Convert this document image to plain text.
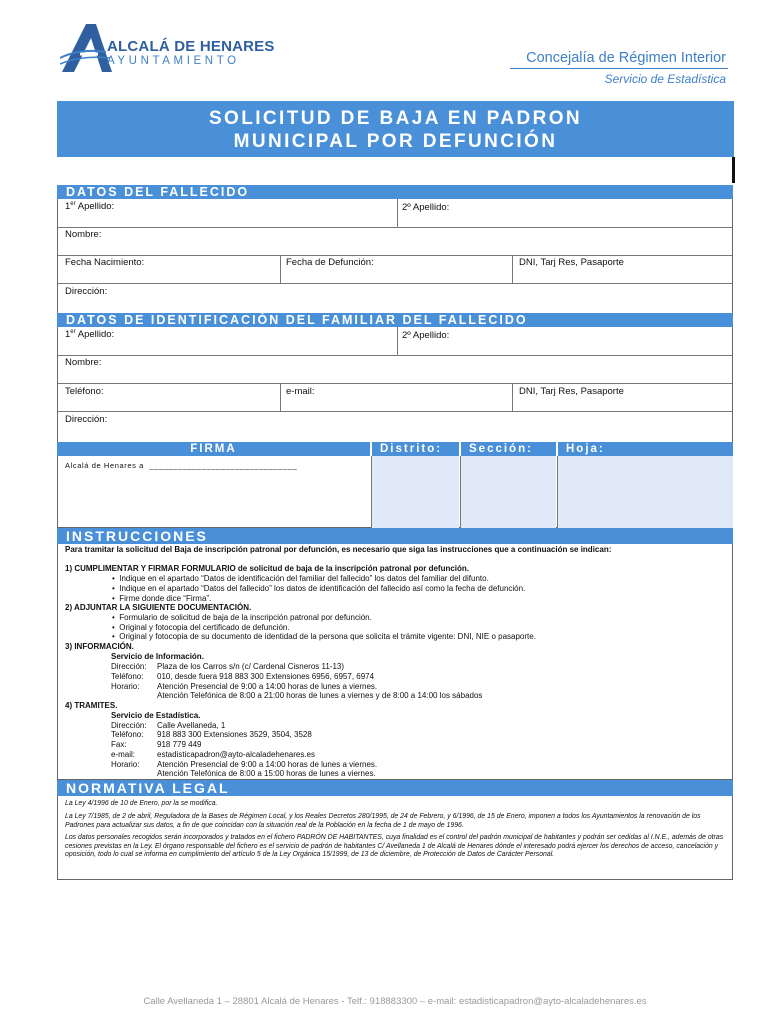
ALCALÁ DE HENARES
AYUNTAMIENTO	Concejalía de Régimen Interior
Servicio de Estadística
SOLICITUD DE BAJA EN PADRON
MUNICIPAL POR DEFUNCIÓN
DATOS DEL FALLECIDO
1er Apellido:	2º Apellido:
Nombre:
Fecha Nacimiento:	Fecha de Defunción:	DNI, Tarj Res, Pasaporte
Dirección:
DATOS DE IDENTIFICACIÓN DEL FAMILIAR DEL FALLECIDO
1er Apellido:	2º Apellido:
Nombre:
Teléfono:	e-mail:	DNI, Tarj Res, Pasaporte
Dirección:
FIRMA	Distrito:	Sección:	Hoja:
Alcalá de Henares a _______________________________
INSTRUCCIONES
Para tramitar la solicitud del Baja de inscripción patronal por defunción, es necesario que siga las instrucciones que a continuación se indican:
1) CUMPLIMENTAR Y FIRMAR FORMULARIO de solicitud de baja de la inscripción patronal por defunción.
•  Indique en el apartado “Datos de identificación del familiar del fallecido” los datos del familiar del difunto.
•  Indique en el apartado “Datos del fallecido” los datos de identificación del fallecido así como la fecha de defunción.
•  Firme donde dice “Firma”.
2) ADJUNTAR LA SIGUIENTE DOCUMENTACIÓN.
•  Formulario de solicitud de baja de la inscripción patronal por defunción.
•  Original y fotocopia del certificado de defunción.
•  Original y fotocopia de su documento de identidad de la persona que solicita el trámite vigente: DNI, NIE o pasaporte.
3) INFORMACIÓN.
Servicio de Información.
Dirección: Plaza de los Carros s/n (c/ Cardenal Cisneros 11-13)
Teléfono: 010, desde fuera 918 883 300 Extensiones 6956, 6957, 6974
Horario: Atención Presencial de 9:00 a 14:00 horas de lunes a viernes.
Atención Telefónica de 8:00 a 21:00 horas de lunes a viernes y de 8:00 a 14:00 los sábados
4) TRAMITES.
Servicio de Estadística.
Dirección: Calle Avellaneda, 1
Teléfono: 918 883 300 Extensiones 3529, 3504, 3528
Fax:	918 779 449
e-mail:	estadisticapadron@ayto-alcaladehenares.es
Horario: Atención Presencial de 9:00 a 14:00 horas de lunes a viernes.
Atención Telefónica de 8:00 a 15:00 horas de lunes a viernes.
NORMATIVA LEGAL
La Ley 4/1996 de 10 de Enero, por la se modifica.
La Ley 7/1985, de 2 de abril, Reguladora de la Bases de Régimen Local, y los Reales Decretos 280/1995, de 24 de Febrero, y 6/1996, de 15 de Enero, imponen a todos los Ayuntamientos la renovación de los Padrones para actualizar sus datos, a fin de que coincidan con la situación real de la Población en la fecha de 1 de mayo de 1996.
Los datos personales recogidos serán incorporados y tratados en el fichero PADRÓN DE HABITANTES, cuya finalidad es el control del padrón municipal de habitantes y podrán ser cedidas al I.N.E., además de otras cesiones previstas en la Ley. El órgano responsable del fichero es el servicio de padrón de habitantes C/ Avellaneda 1 de Alcalá de Henares dónde el interesado podrá ejercer los derechos de acceso, cancelación y oposición, todo lo cual se informa en cumplimiento del artículo 5 de la Ley Orgánica 15/1999, de 13 de diciembre, de Protección de Datos de Carácter Personal.
Calle Avellaneda 1 – 28801 Alcalá de Henares - Telf.: 918883300 – e-mail: estadisticapadron@ayto-alcaladehenares.es
